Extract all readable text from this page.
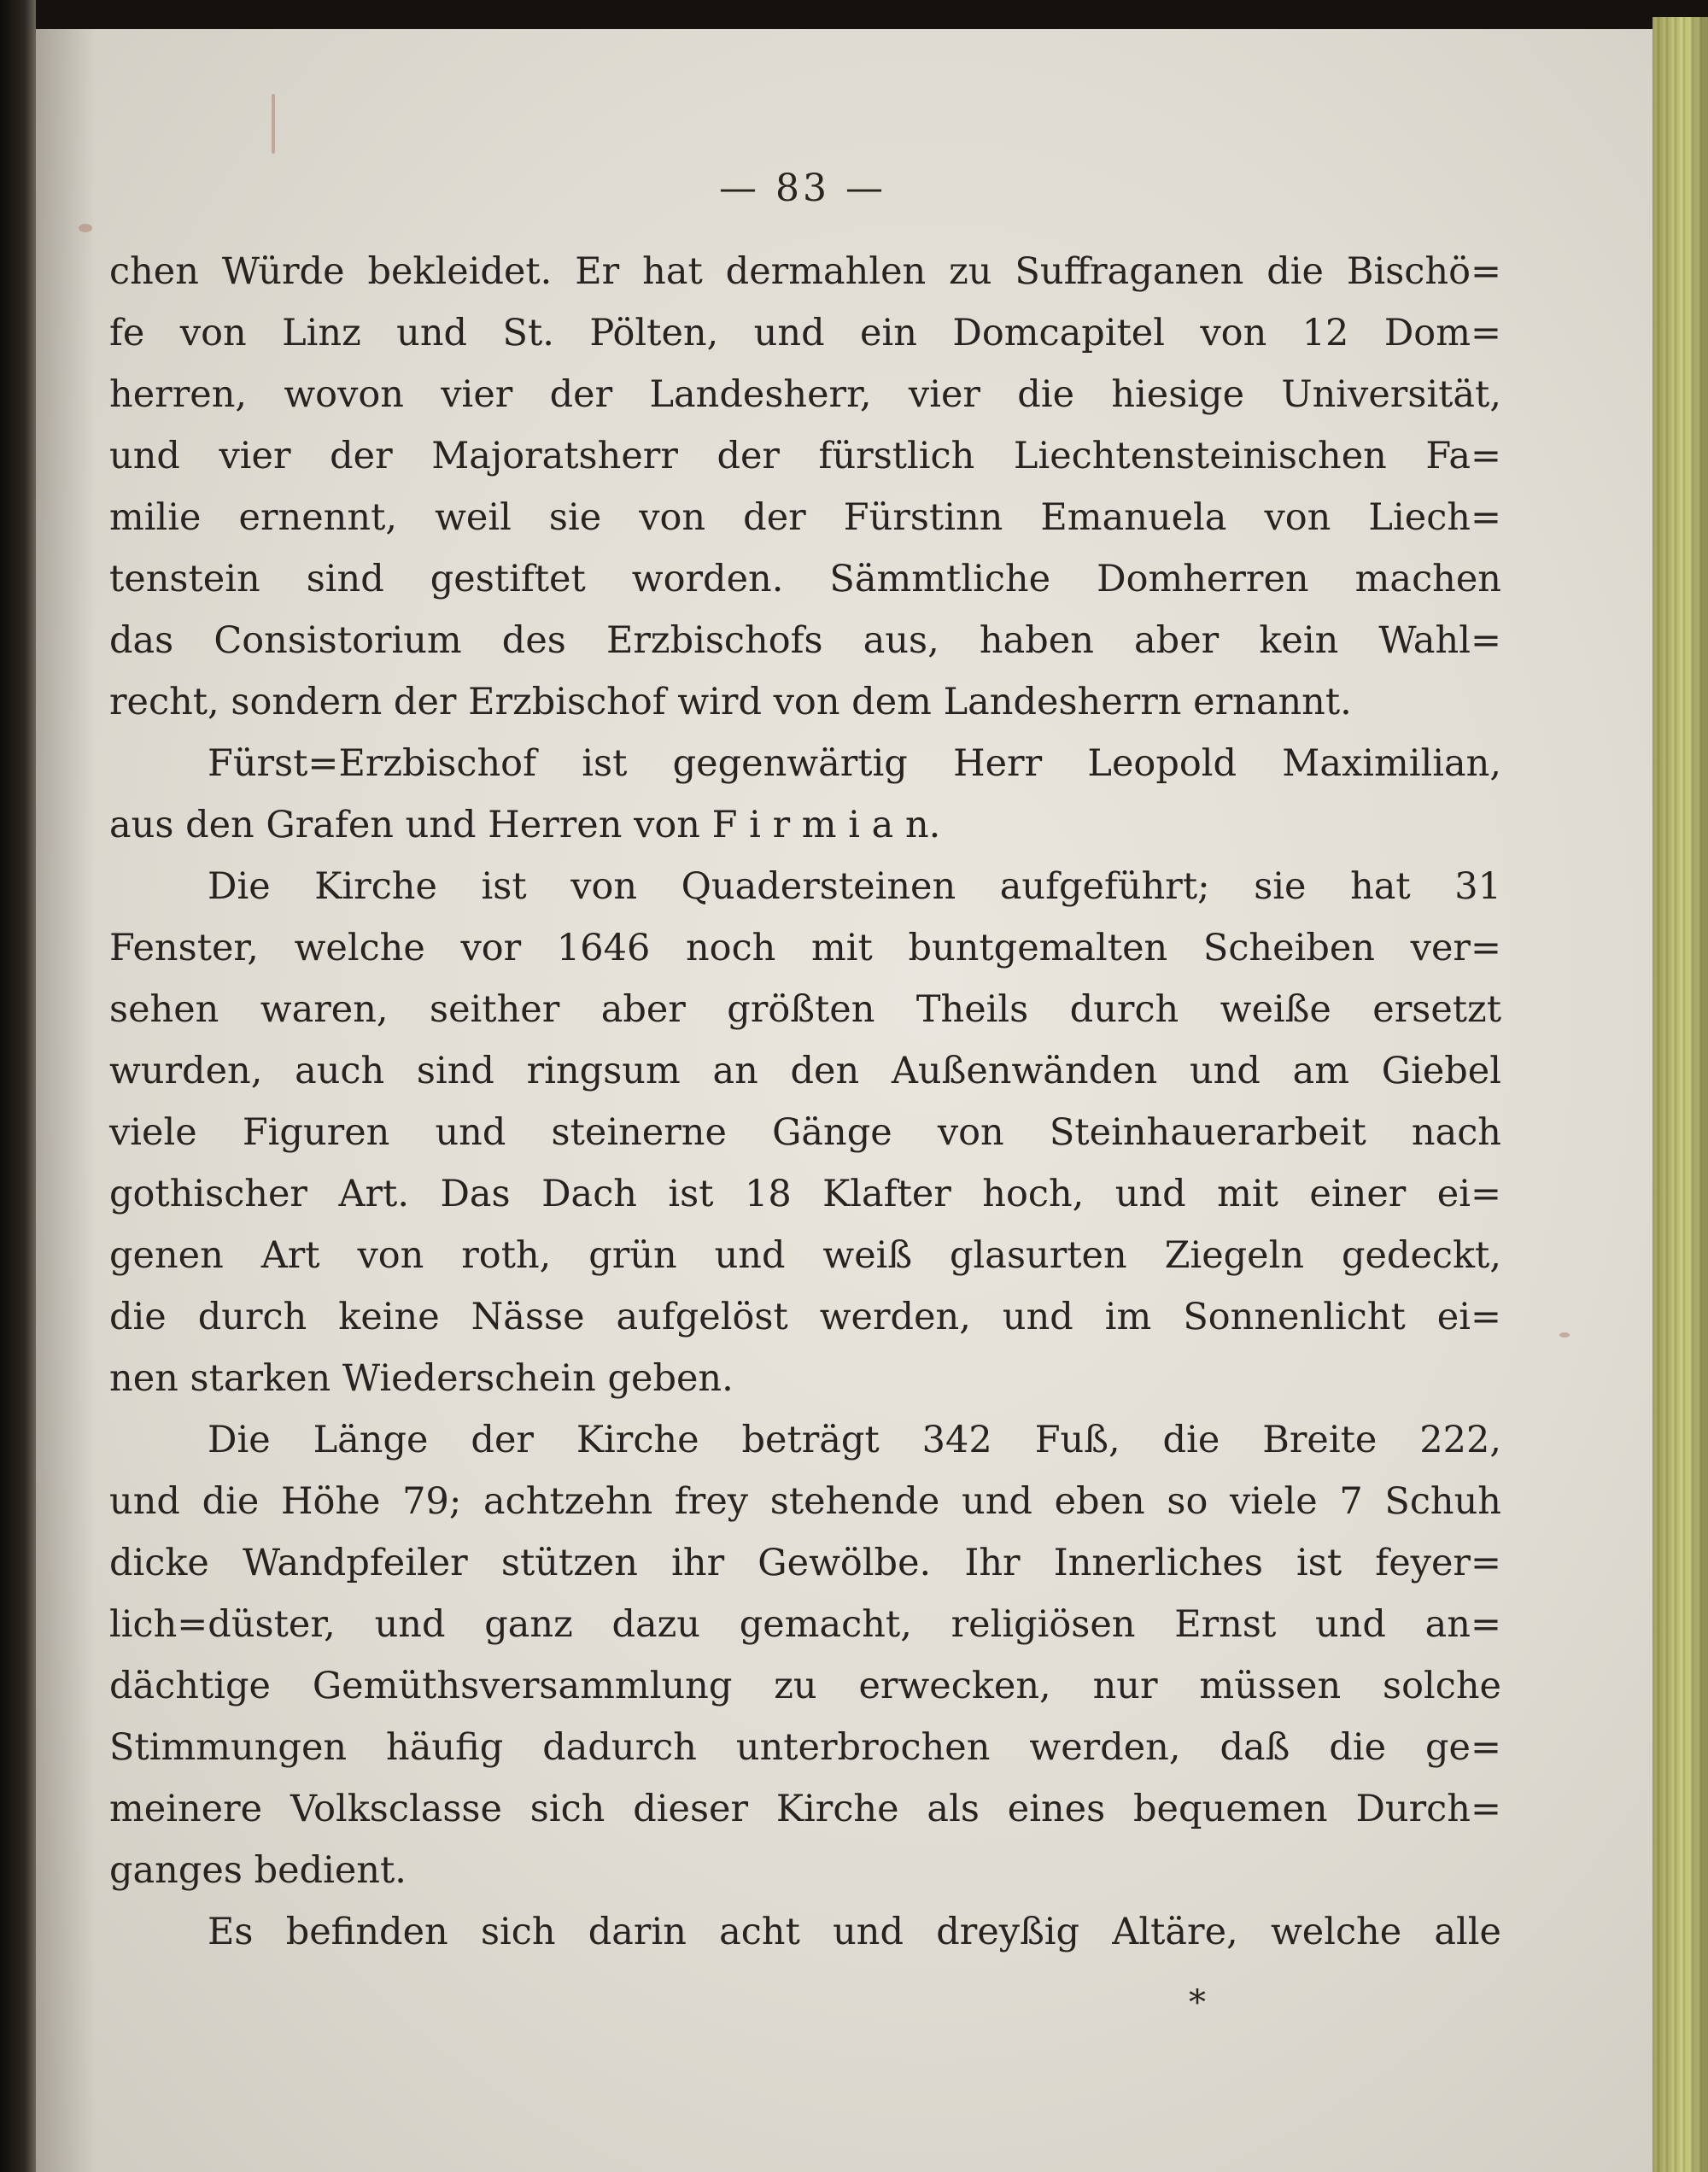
— 83 —
chen Würde bekleidet. Er hat dermahlen zu Suffraganen die Bischö=
fe von Linz und St. Pölten, und ein Domcapitel von 12 Dom=
herren, wovon vier der Landesherr, vier die hiesige Universität,
und vier der Majoratsherr der fürstlich Liechtensteinischen Fa=
milie ernennt, weil sie von der Fürstinn Emanuela von Liech=
tenstein sind gestiftet worden. Sämmtliche Domherren machen
das Consistorium des Erzbischofs aus, haben aber kein Wahl=
recht, sondern der Erzbischof wird von dem Landesherrn ernannt.
Fürst=Erzbischof ist gegenwärtig Herr Leopold Maximilian,
aus den Grafen und Herren von F i r m i a n.
Die Kirche ist von Quadersteinen aufgeführt; sie hat 31
Fenster, welche vor 1646 noch mit buntgemalten Scheiben ver=
sehen waren, seither aber größten Theils durch weiße ersetzt
wurden, auch sind ringsum an den Außenwänden und am Giebel
viele Figuren und steinerne Gänge von Steinhauerarbeit nach
gothischer Art. Das Dach ist 18 Klafter hoch, und mit einer ei=
genen Art von roth, grün und weiß glasurten Ziegeln gedeckt,
die durch keine Nässe aufgelöst werden, und im Sonnenlicht ei=
nen starken Wiederschein geben.
Die Länge der Kirche beträgt 342 Fuß, die Breite 222,
und die Höhe 79; achtzehn frey stehende und eben so viele 7 Schuh
dicke Wandpfeiler stützen ihr Gewölbe. Ihr Innerliches ist feyer=
lich=düster, und ganz dazu gemacht, religiösen Ernst und an=
dächtige Gemüthsversammlung zu erwecken, nur müssen solche
Stimmungen häufig dadurch unterbrochen werden, daß die ge=
meinere Volksclasse sich dieser Kirche als eines bequemen Durch=
ganges bedient.
Es befinden sich darin acht und dreyßig Altäre, welche alle
*
